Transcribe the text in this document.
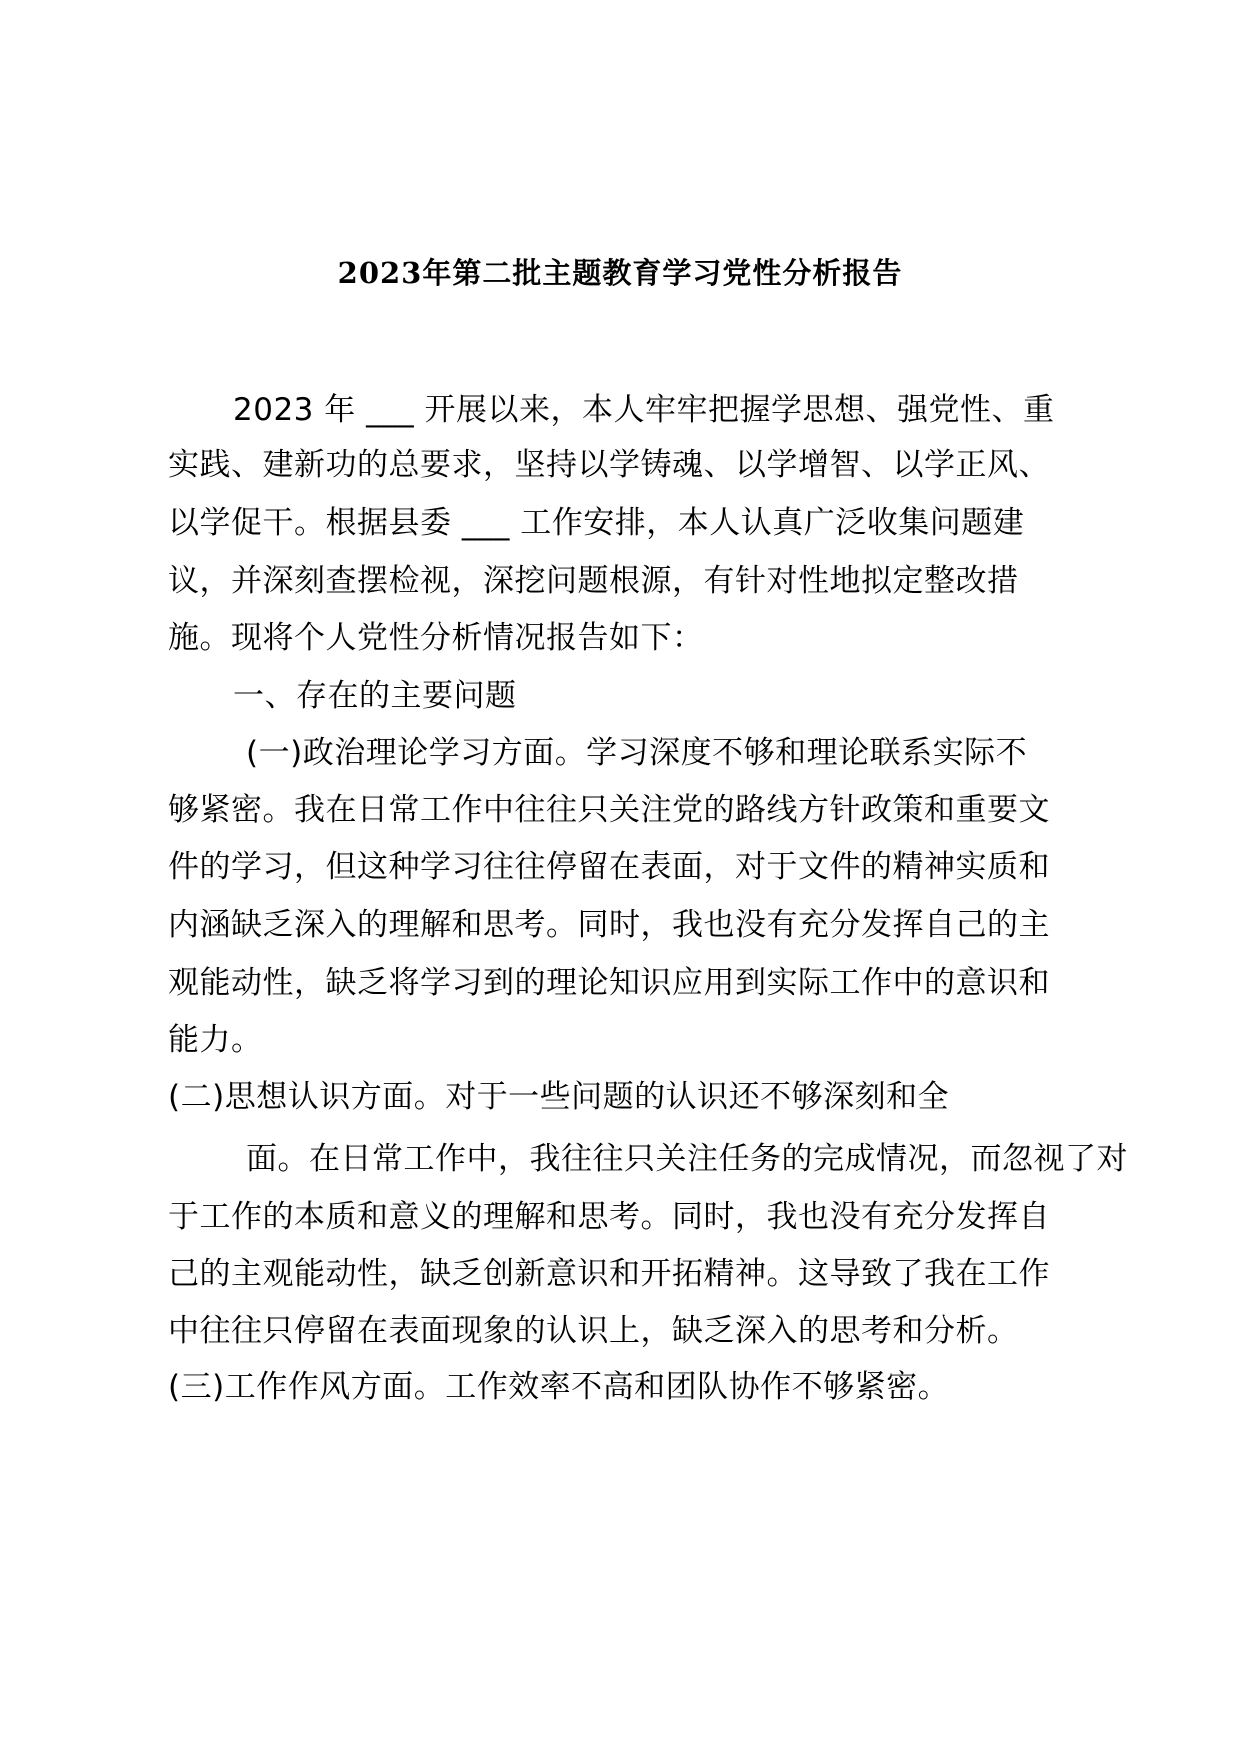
2023年第二批主题教育学习党性分析报告

2023 年 ___ 开展以来，本人牢牢把握学思想、强党性、重

实践、建新功的总要求，坚持以学铸魂、以学增智、以学正风、

以学促干。根据县委 ___ 工作安排，本人认真广泛收集问题建

议，并深刻查摆检视，深挖问题根源，有针对性地拟定整改措

施。现将个人党性分析情况报告如下：

一、存在的主要问题

(一)政治理论学习方面。学习深度不够和理论联系实际不

够紧密。我在日常工作中往往只关注党的路线方针政策和重要文

件的学习，但这种学习往往停留在表面，对于文件的精神实质和

内涵缺乏深入的理解和思考。同时，我也没有充分发挥自己的主

观能动性，缺乏将学习到的理论知识应用到实际工作中的意识和

能力。

(二)思想认识方面。对于一些问题的认识还不够深刻和全

面。在日常工作中，我往往只关注任务的完成情况，而忽视了对

于工作的本质和意义的理解和思考。同时，我也没有充分发挥自

己的主观能动性，缺乏创新意识和开拓精神。这导致了我在工作

中往往只停留在表面现象的认识上，缺乏深入的思考和分析。

(三)工作作风方面。工作效率不高和团队协作不够紧密。
